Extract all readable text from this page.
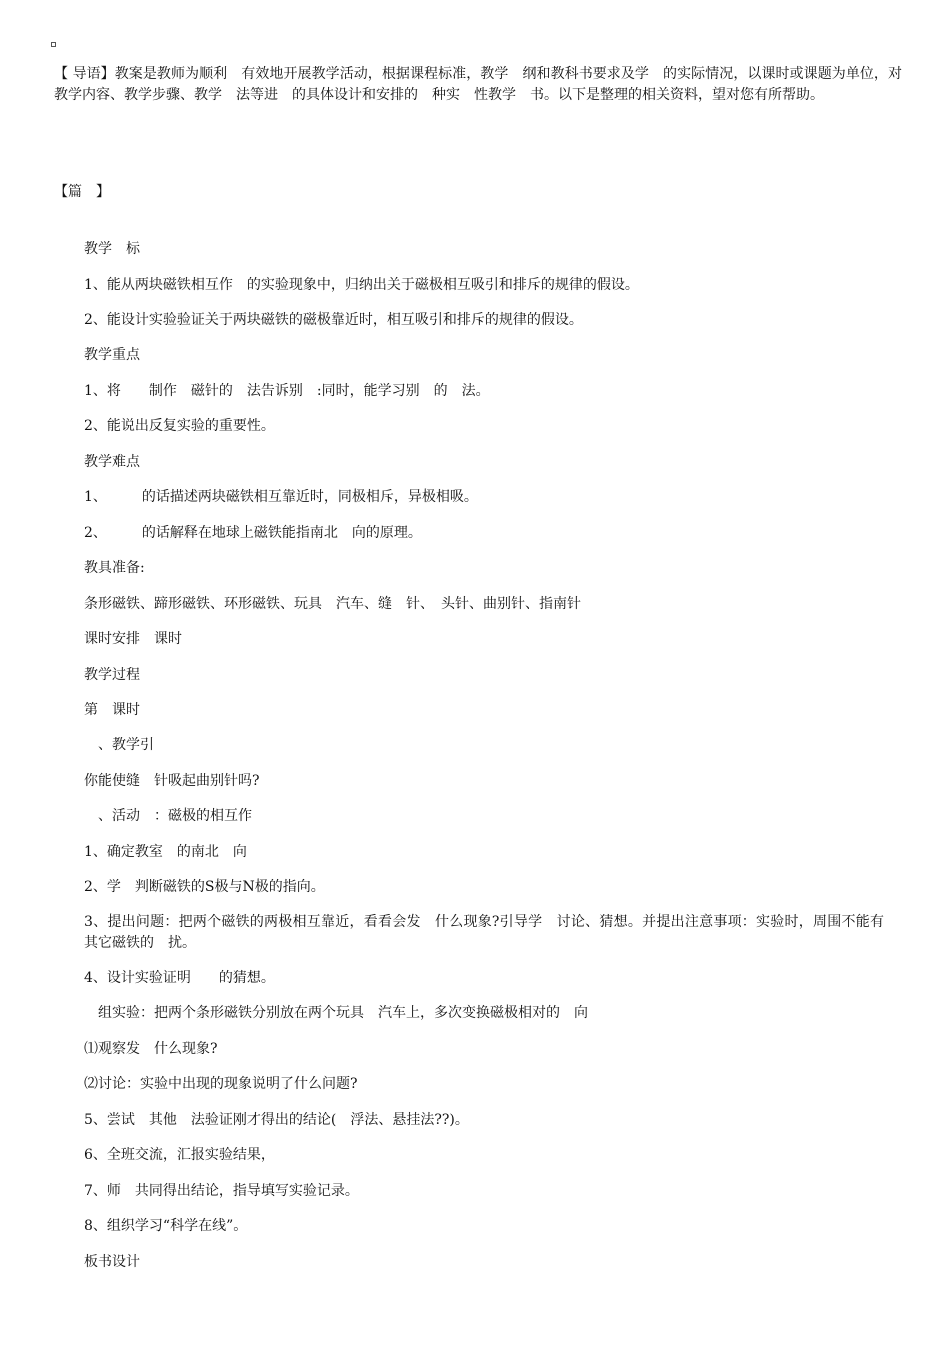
【 导语】教案是教师为顺利　有效地开展教学活动，根据课程标准，教学　纲和教科书要求及学　的实际情况，以课时或课题为单位，对教学内容、教学步骤、教学　法等进　的具体设计和安排的　种实　性教学　书。以下是整理的相关资料，望对您有所帮助。

【篇　】

教学　标

1、能从两块磁铁相互作　的实验现象中，归纳出关于磁极相互吸引和排斥的规律的假设。

2、能设计实验验证关于两块磁铁的磁极靠近时，相互吸引和排斥的规律的假设。

教学重点

1、将　　制作　磁针的　法告诉别　:同时，能学习别　的　法。

2、能说出反复实验的重要性。

教学难点

1、　　　的话描述两块磁铁相互靠近时，同极相斥，异极相吸。

2、　　　的话解释在地球上磁铁能指南北　向的原理。

教具准备:

条形磁铁、蹄形磁铁、环形磁铁、玩具　汽车、缝　针、　头针、曲别针、指南针

课时安排　课时

教学过程

第　课时

　、教学引

你能使缝　针吸起曲别针吗?

　、活动　：磁极的相互作

1、确定教室　的南北　向

2、学　判断磁铁的S极与N极的指向。

3、提出问题：把两个磁铁的两极相互靠近，看看会发　什么现象?引导学　讨论、猜想。并提出注意事项：实验时，周围不能有其它磁铁的　扰。

4、设计实验证明　　的猜想。

　组实验：把两个条形磁铁分别放在两个玩具　汽车上，多次变换磁极相对的　向

⑴观察发　什么现象?

⑵讨论：实验中出现的现象说明了什么问题?

5、尝试　其他　法验证刚才得出的结论(　浮法、悬挂法??)。

6、全班交流，汇报实验结果，

7、师　共同得出结论，指导填写实验记录。

8、组织学习“科学在线”。

板书设计
